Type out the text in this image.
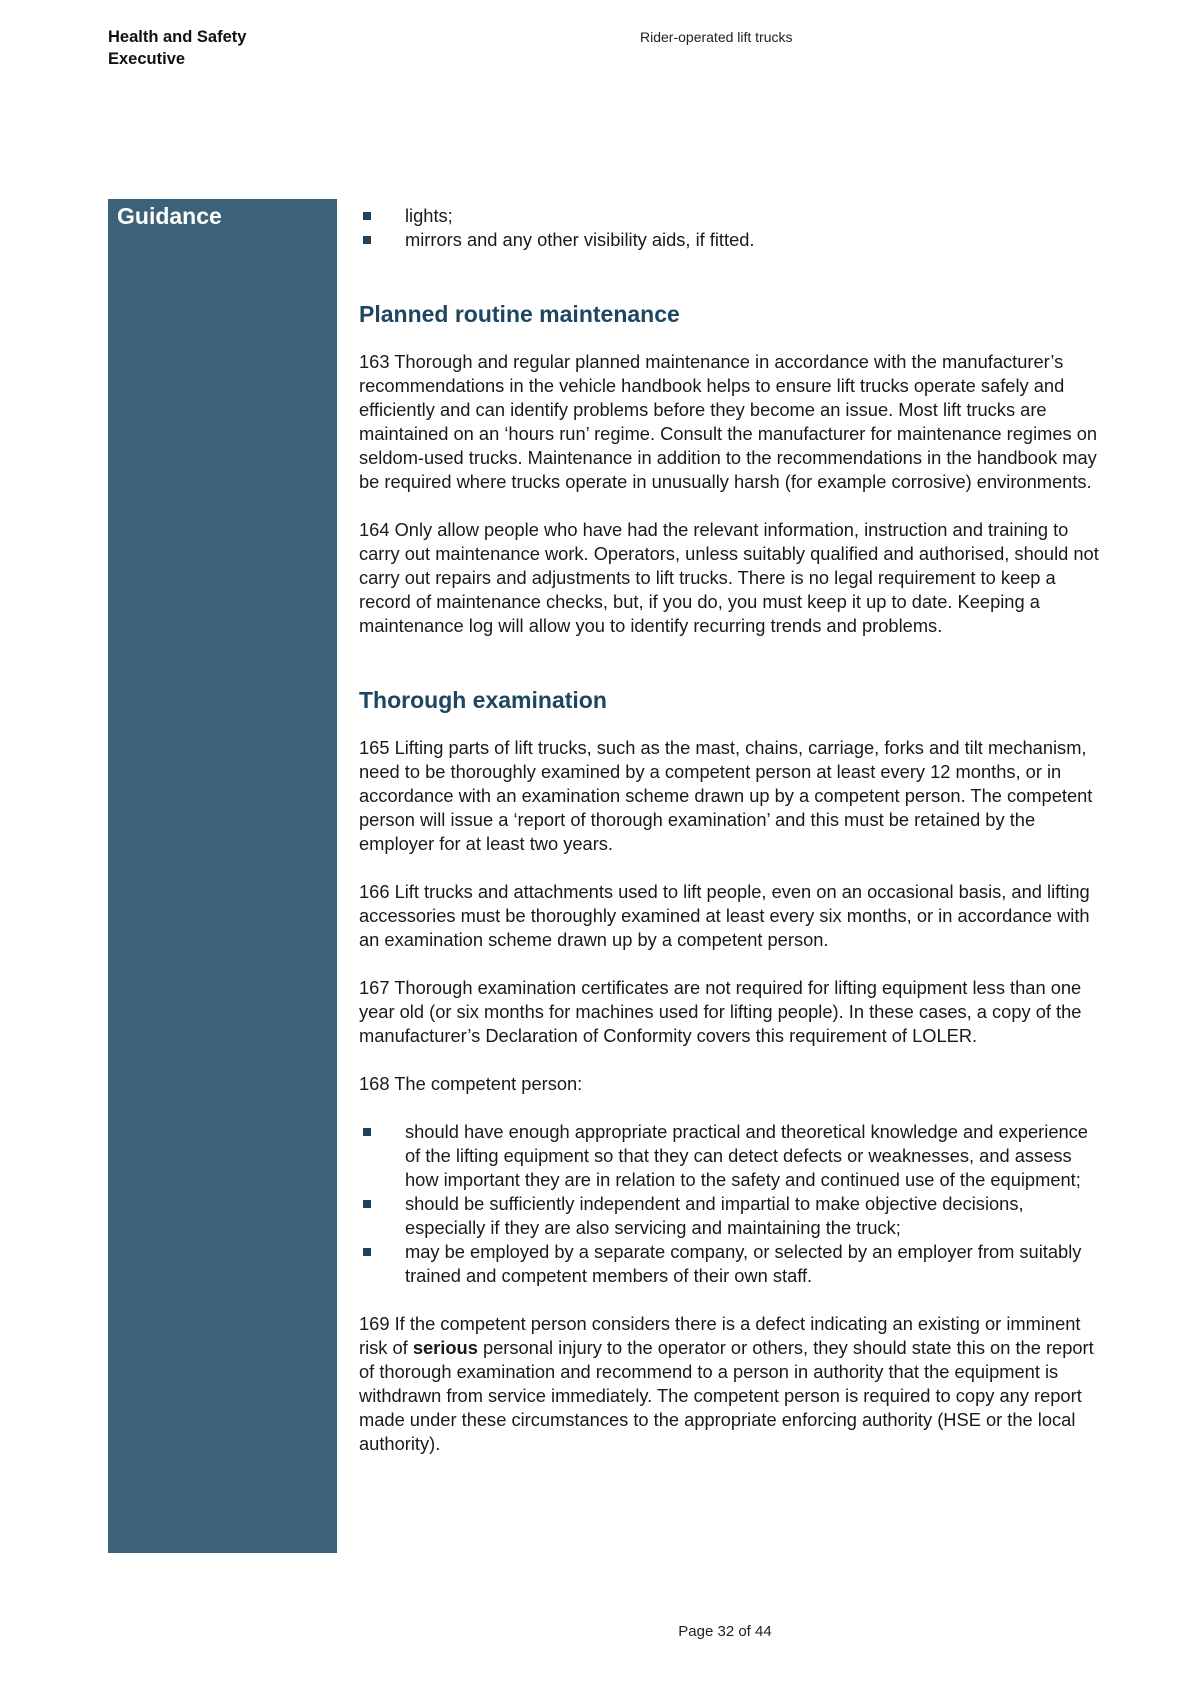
Health and Safety Executive
Rider-operated lift trucks
Guidance	lights;
mirrors and any other visibility aids, if fitted.
Planned routine maintenance

163 Thorough and regular planned maintenance in accordance with the manufacturer’s recommendations in the vehicle handbook helps to ensure lift trucks operate safely and efficiently and can identify problems before they become an issue. Most lift trucks are maintained on an ‘hours run’ regime. Consult the manufacturer for maintenance regimes on seldom-used trucks. Maintenance in addition to the recommendations in the handbook may be required where trucks operate in unusually harsh (for example corrosive) environments.

164 Only allow people who have had the relevant information, instruction and training to carry out maintenance work. Operators, unless suitably qualified and authorised, should not carry out repairs and adjustments to lift trucks. There is no legal requirement to keep a record of maintenance checks, but, if you do, you must keep it up to date. Keeping a maintenance log will allow you to identify recurring trends and problems.

Thorough examination

165 Lifting parts of lift trucks, such as the mast, chains, carriage, forks and tilt mechanism, need to be thoroughly examined by a competent person at least every 12 months, or in accordance with an examination scheme drawn up by a competent person. The competent person will issue a ‘report of thorough examination’ and this must be retained by the employer for at least two years.

166 Lift trucks and attachments used to lift people, even on an occasional basis, and lifting accessories must be thoroughly examined at least every six months, or in accordance with an examination scheme drawn up by a competent person.

167 Thorough examination certificates are not required for lifting equipment less than one year old (or six months for machines used for lifting people). In these cases, a copy of the manufacturer’s Declaration of Conformity covers this requirement of LOLER.

168 The competent person:

should have enough appropriate practical and theoretical knowledge and experience of the lifting equipment so that they can detect defects or weaknesses, and assess how important they are in relation to the safety and continued use of the equipment;
should be sufficiently independent and impartial to make objective decisions, especially if they are also servicing and maintaining the truck;
may be employed by a separate company, or selected by an employer from suitably trained and competent members of their own staff.

169 If the competent person considers there is a defect indicating an existing or imminent risk of serious personal injury to the operator or others, they should state this on the report of thorough examination and recommend to a person in authority that the equipment is withdrawn from service immediately. The competent person is required to copy any report made under these circumstances to the appropriate enforcing authority (HSE or the local authority).

Page 32 of 44
